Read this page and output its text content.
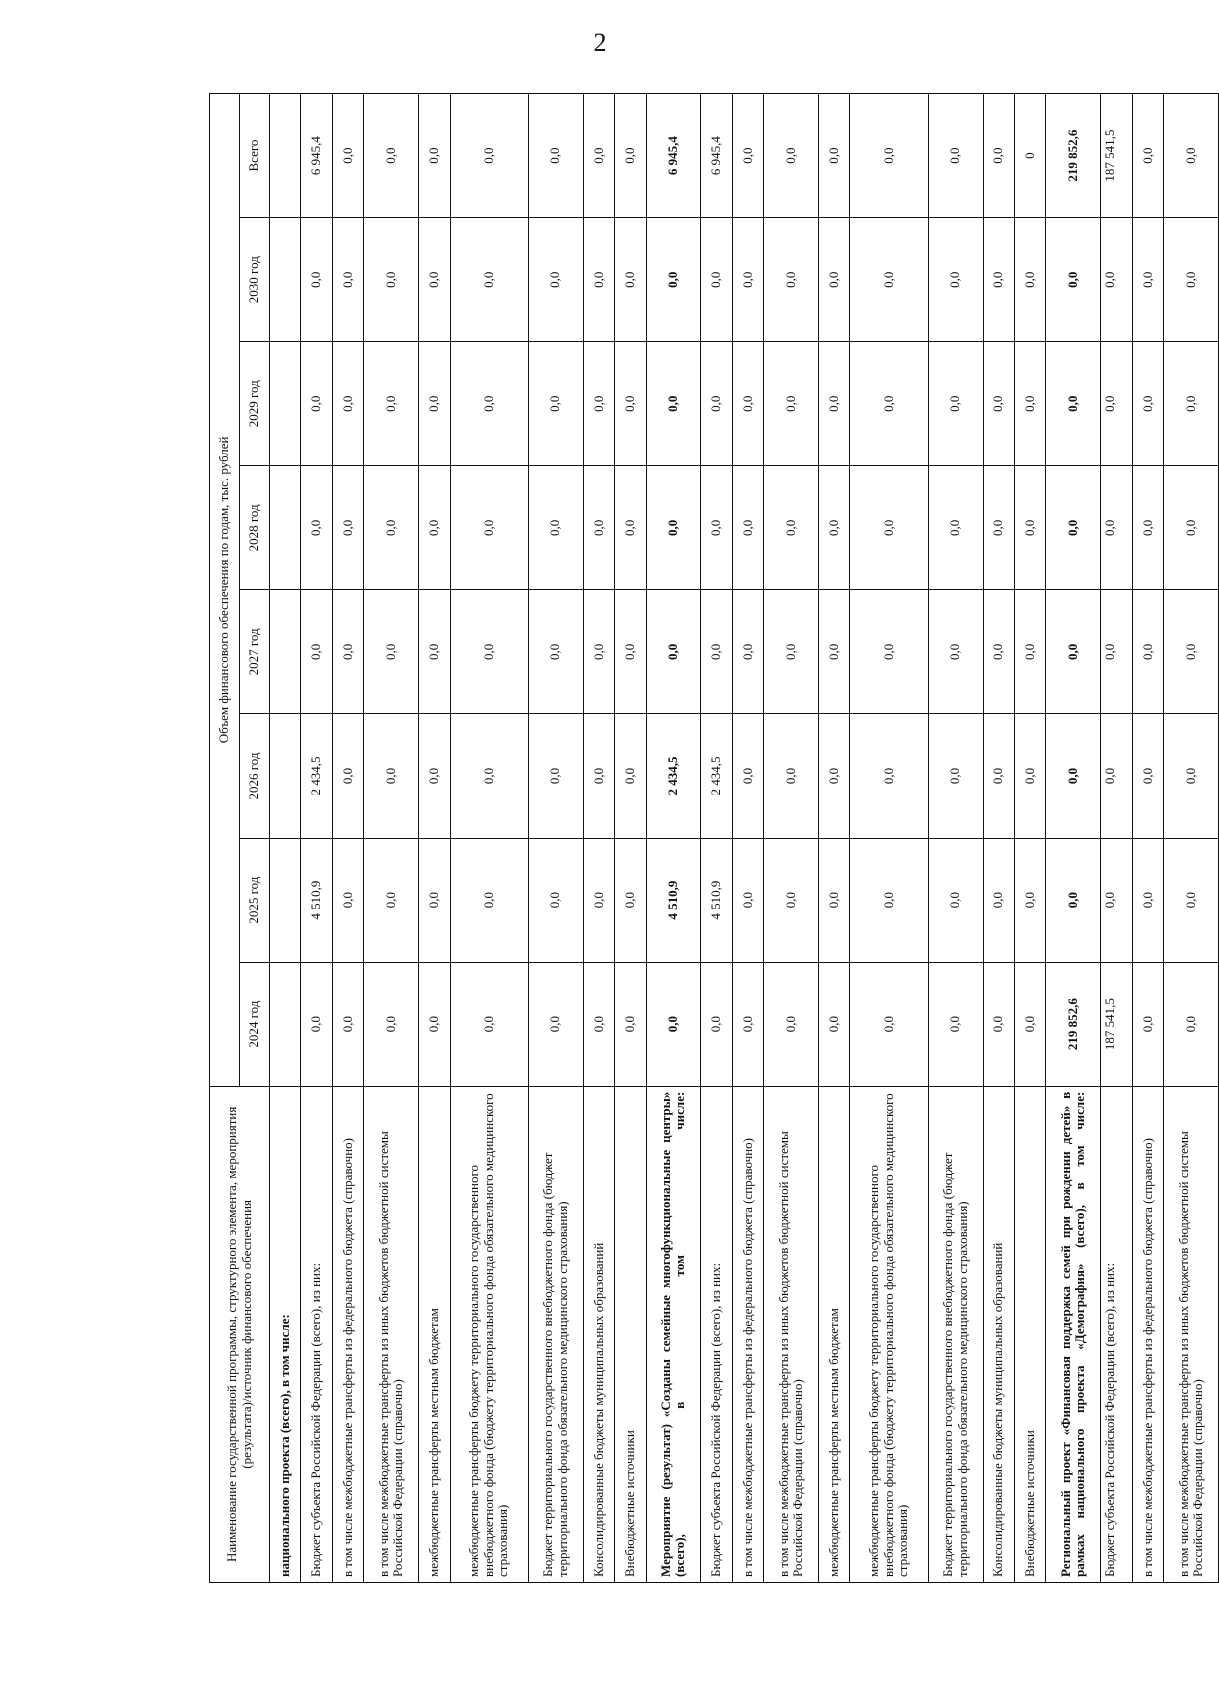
2
Наименование государственной программы, структурного элемента, мероприятия (результата)/источник финансового обеспечения	Объем финансового обеспечения по годам, тыс. рублей							
	2024 год	2025 год	2026 год	2027 год	2028 год	2029 год	2030 год	Всего
национального проекта (всего), в том числе:								
Бюджет субъекта Российской Федерации (всего), из них:	0,0	4 510,9	2 434,5	0,0	0,0	0,0	0,0	6 945,4
в том числе межбюджетные трансферты из федерального бюджета (справочно)	0,0	0,0	0,0	0,0	0,0	0,0	0,0	0,0
в том числе межбюджетные трансферты из иных бюджетов бюджетной системы Российской Федерации (справочно)	0,0	0,0	0,0	0,0	0,0	0,0	0,0	0,0
межбюджетные трансферты местным бюджетам	0,0	0,0	0,0	0,0	0,0	0,0	0,0	0,0
межбюджетные трансферты бюджету территориального государственного внебюджетного фонда (бюджету территориального фонда обязательного медицинского страхования)	0,0	0,0	0,0	0,0	0,0	0,0	0,0	0,0
Бюджет территориального государственного внебюджетного фонда (бюджет территориального фонда обязательного медицинского страхования)	0,0	0,0	0,0	0,0	0,0	0,0	0,0	0,0
Консолидированные бюджеты муниципальных образований	0,0	0,0	0,0	0,0	0,0	0,0	0,0	0,0
Внебюджетные источники	0,0	0,0	0,0	0,0	0,0	0,0	0,0	0,0
Мероприятие (результат) «Созданы семейные многофункциональные центры» (всего), в том числе:	0,0	4 510,9	2 434,5	0,0	0,0	0,0	0,0	6 945,4
Бюджет субъекта Российской Федерации (всего), из них:	0,0	4 510,9	2 434,5	0,0	0,0	0,0	0,0	6 945,4
в том числе межбюджетные трансферты из федерального бюджета (справочно)	0,0	0,0	0,0	0,0	0,0	0,0	0,0	0,0
в том числе межбюджетные трансферты из иных бюджетов бюджетной системы Российской Федерации (справочно)	0,0	0,0	0,0	0,0	0,0	0,0	0,0	0,0
межбюджетные трансферты местным бюджетам	0,0	0,0	0,0	0,0	0,0	0,0	0,0	0,0
межбюджетные трансферты бюджету территориального государственного внебюджетного фонда (бюджету территориального фонда обязательного медицинского страхования)	0,0	0,0	0,0	0,0	0,0	0,0	0,0	0,0
Бюджет территориального государственного внебюджетного фонда (бюджет территориального фонда обязательного медицинского страхования)	0,0	0,0	0,0	0,0	0,0	0,0	0,0	0,0
Консолидированные бюджеты муниципальных образований	0,0	0,0	0,0	0,0	0,0	0,0	0,0	0,0
Внебюджетные источники	0,0	0,0	0,0	0,0	0,0	0,0	0,0	0
Региональный проект «Финансовая поддержка семей при рождении детей» в рамках национального проекта «Демография» (всего), в том числе:	219 852,6	0,0	0,0	0,0	0,0	0,0	0,0	219 852,6
Бюджет субъекта Российской Федерации (всего), из них:	187 541,5	0,0	0,0	0,0	0,0	0,0	0,0	187 541,5
в том числе межбюджетные трансферты из федерального бюджета (справочно)	0,0	0,0	0,0	0,0	0,0	0,0	0,0	0,0
в том числе межбюджетные трансферты из иных бюджетов бюджетной системы Российской Федерации (справочно)	0,0	0,0	0,0	0,0	0,0	0,0	0,0	0,0
